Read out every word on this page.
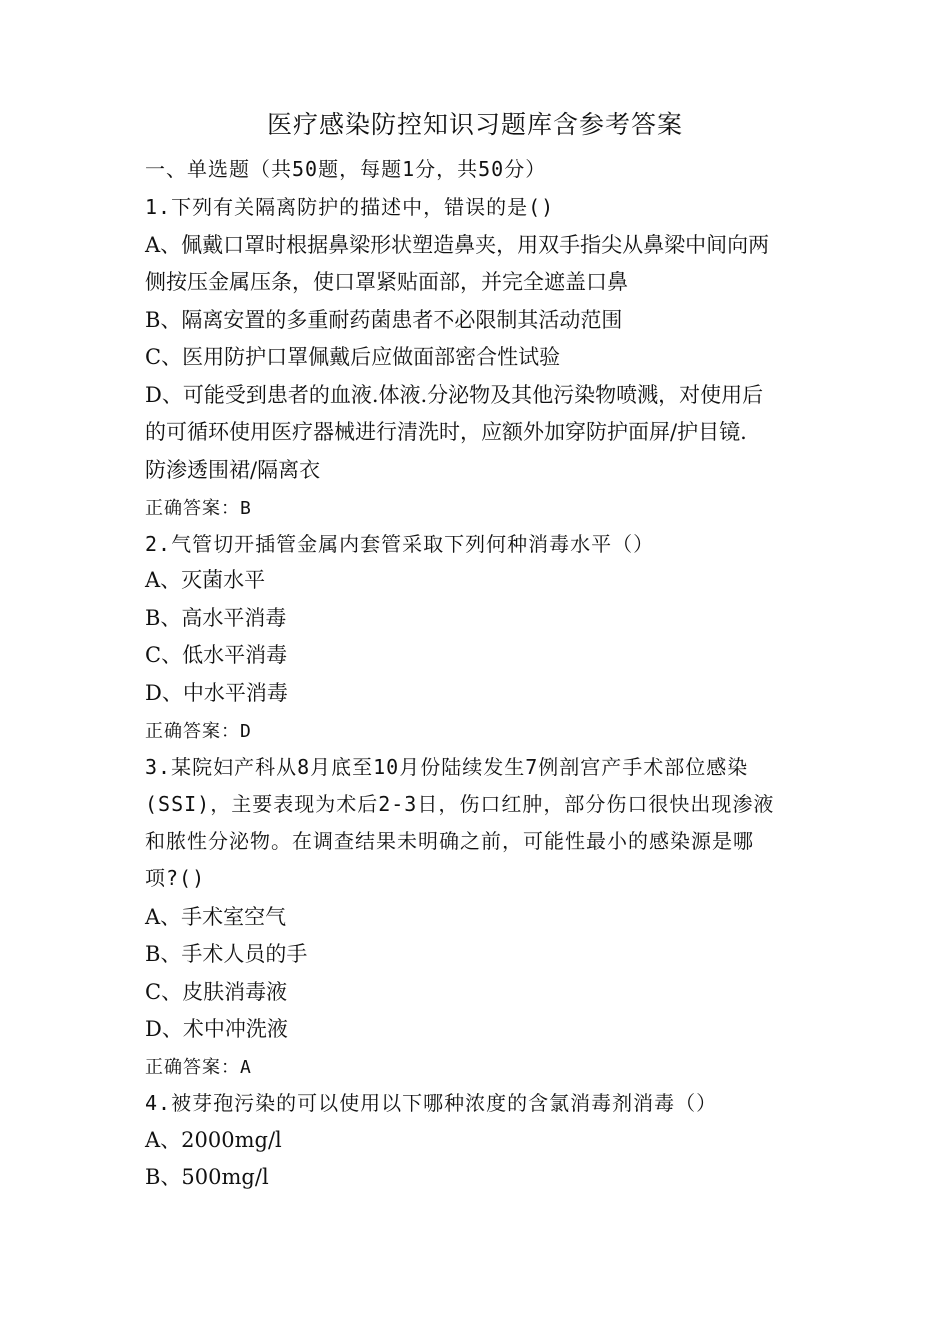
医疗感染防控知识习题库含参考答案
一、单选题（共50题，每题1分，共50分）
1.下列有关隔离防护的描述中，错误的是()
A、佩戴口罩时根据鼻梁形状塑造鼻夹，用双手指尖从鼻梁中间向两
侧按压金属压条，使口罩紧贴面部，并完全遮盖口鼻
B、隔离安置的多重耐药菌患者不必限制其活动范围
C、医用防护口罩佩戴后应做面部密合性试验
D、可能受到患者的血液.体液.分泌物及其他污染物喷溅，对使用后
的可循环使用医疗器械进行清洗时，应额外加穿防护面屏/护目镜.
防渗透围裙/隔离衣
正确答案：B
2.气管切开插管金属内套管采取下列何种消毒水平（）
A、灭菌水平
B、高水平消毒
C、低水平消毒
D、中水平消毒
正确答案：D
3.某院妇产科从8月底至10月份陆续发生7例剖宫产手术部位感染
(SSI)，主要表现为术后2-3日，伤口红肿，部分伤口很快出现渗液
和脓性分泌物。在调查结果未明确之前，可能性最小的感染源是哪
项?()
A、手术室空气
B、手术人员的手
C、皮肤消毒液
D、术中冲洗液
正确答案：A
4.被芽孢污染的可以使用以下哪种浓度的含氯消毒剂消毒（）
A、2000mg/l
B、500mg/l
